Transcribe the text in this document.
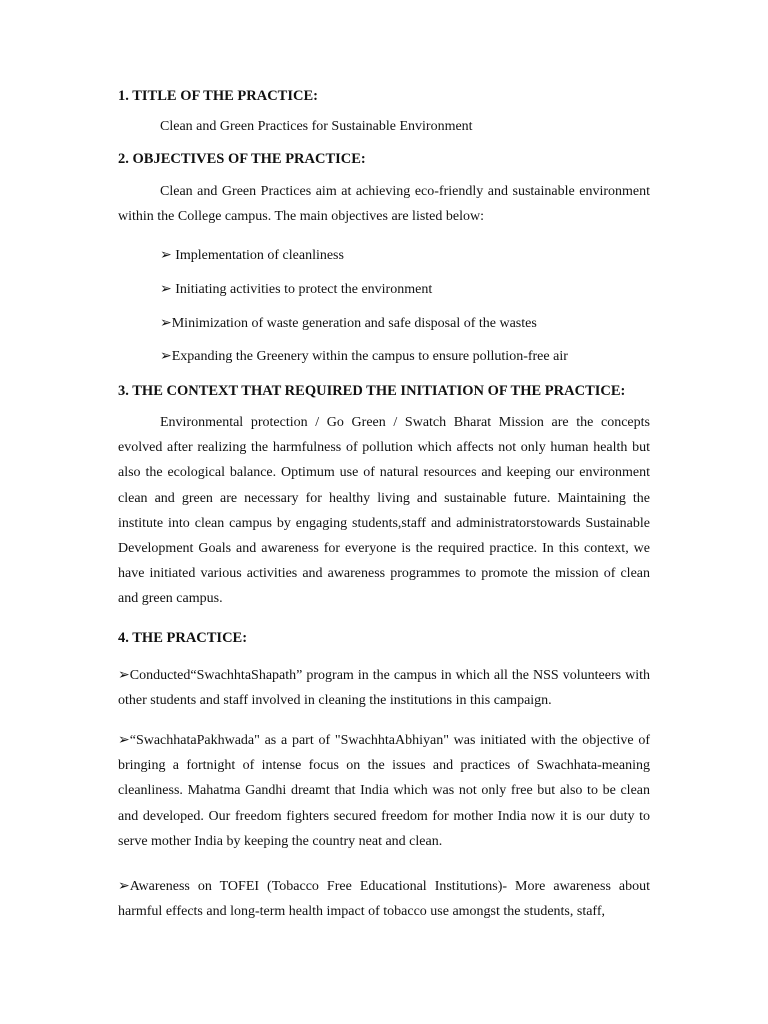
1. TITLE OF THE PRACTICE:
Clean and Green Practices for Sustainable Environment
2. OBJECTIVES OF THE PRACTICE:

Clean and Green Practices aim at achieving eco-friendly and sustainable environment within the College campus. The main objectives are listed below:

➢ Implementation of cleanliness
➢ Initiating activities to protect the environment
➢Minimization of waste generation and safe disposal of the wastes
➢Expanding the Greenery within the campus to ensure pollution-free air
3. THE CONTEXT THAT REQUIRED THE INITIATION OF THE PRACTICE:

Environmental protection / Go Green / Swatch Bharat Mission are the concepts evolved after realizing the harmfulness of pollution which affects not only human health but also the ecological balance. Optimum use of natural resources and keeping our environment clean and green are necessary for healthy living and sustainable future. Maintaining the institute into clean campus by engaging students,staff and administratorstowards Sustainable Development Goals and awareness for everyone is the required practice. In this context, we have initiated various activities and awareness programmes to promote the mission of clean and green campus.

4. THE PRACTICE:

➢Conducted“SwachhtaShapath” program in the campus in which all the NSS volunteers with other students and staff involved in cleaning the institutions in this campaign.

➢“SwachhataPakhwada" as a part of "SwachhtaAbhiyan" was initiated with the objective of bringing a fortnight of intense focus on the issues and practices of Swachhata-meaning cleanliness. Mahatma Gandhi dreamt that India which was not only free but also to be clean and developed. Our freedom fighters secured freedom for mother India now it is our duty to serve mother India by keeping the country neat and clean.

➢Awareness on TOFEI (Tobacco Free Educational Institutions)- More awareness about harmful effects and long-term health impact of tobacco use amongst the students, staff,
